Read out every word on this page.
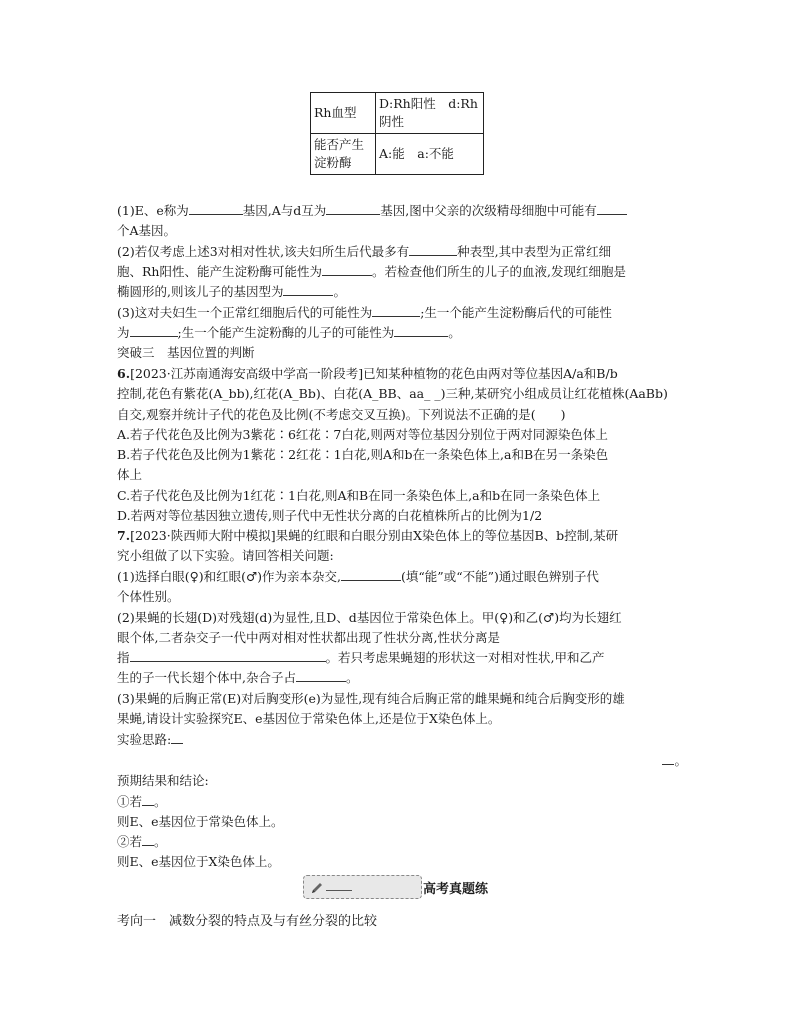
Rh血型	D:Rh阳性　d:Rh阴性
能否产生淀粉酶	A:能　a:不能
(1)E、e称为	基因,A与d互为	基因,图中父亲的次级精母细胞中可能有
个A基因。
(2)若仅考虑上述3对相对性状,该夫妇所生后代最多有	种表型,其中表型为正常红细
胞、Rh阳性、能产生淀粉酶可能性为	。若检查他们所生的儿子的血液,发现红细胞是
椭圆形的,则该儿子的基因型为	。
(3)这对夫妇生一个正常红细胞后代的可能性为	;生一个能产生淀粉酶后代的可能性
为	;生一个能产生淀粉酶的儿子的可能性为	。
突破三　基因位置的判断
6.[2023·江苏南通海安高级中学高一阶段考]已知某种植物的花色由两对等位基因A/a和B/b
控制,花色有紫花(A_bb),红花(A_Bb)、白花(A_BB、aa_ _)三种,某研究小组成员让红花植株(AaBb)
自交,观察并统计子代的花色及比例(不考虑交叉互换)。下列说法不正确的是(　　)
A.若子代花色及比例为3紫花∶6红花∶7白花,则两对等位基因分别位于两对同源染色体上
B.若子代花色及比例为1紫花∶2红花∶1白花,则A和b在一条染色体上,a和B在另一条染色
体上
C.若子代花色及比例为1红花∶1白花,则A和B在同一条染色体上,a和b在同一条染色体上
D.若两对等位基因独立遗传,则子代中无性状分离的白花植株所占的比例为1/2
7.[2023·陕西师大附中模拟]果蝇的红眼和白眼分别由X染色体上的等位基因B、b控制,某研
究小组做了以下实验。请回答相关问题:
(1)选择白眼(♀)和红眼(♂)作为亲本杂交,	(填“能”或“不能”)通过眼色辨别子代
个体性别。
(2)果蝇的长翅(D)对残翅(d)为显性,且D、d基因位于常染色体上。甲(♀)和乙(♂)均为长翅红
眼个体,二者杂交子一代中两对相对性状都出现了性状分离,性状分离是
指	。若只考虑果蝇翅的形状这一对相对性状,甲和乙产
生的子一代长翅个体中,杂合子占	。
(3)果蝇的后胸正常(E)对后胸变形(e)为显性,现有纯合后胸正常的雌果蝇和纯合后胸变形的雄
果蝇,请设计实验探究E、e基因位于常染色体上,还是位于X染色体上。
实验思路:
。
预期结果和结论:
①若 。
则E、e基因位于常染色体上。
②若 。
则E、e基因位于X染色体上。
高考真题练
考向一　减数分裂的特点及与有丝分裂的比较
